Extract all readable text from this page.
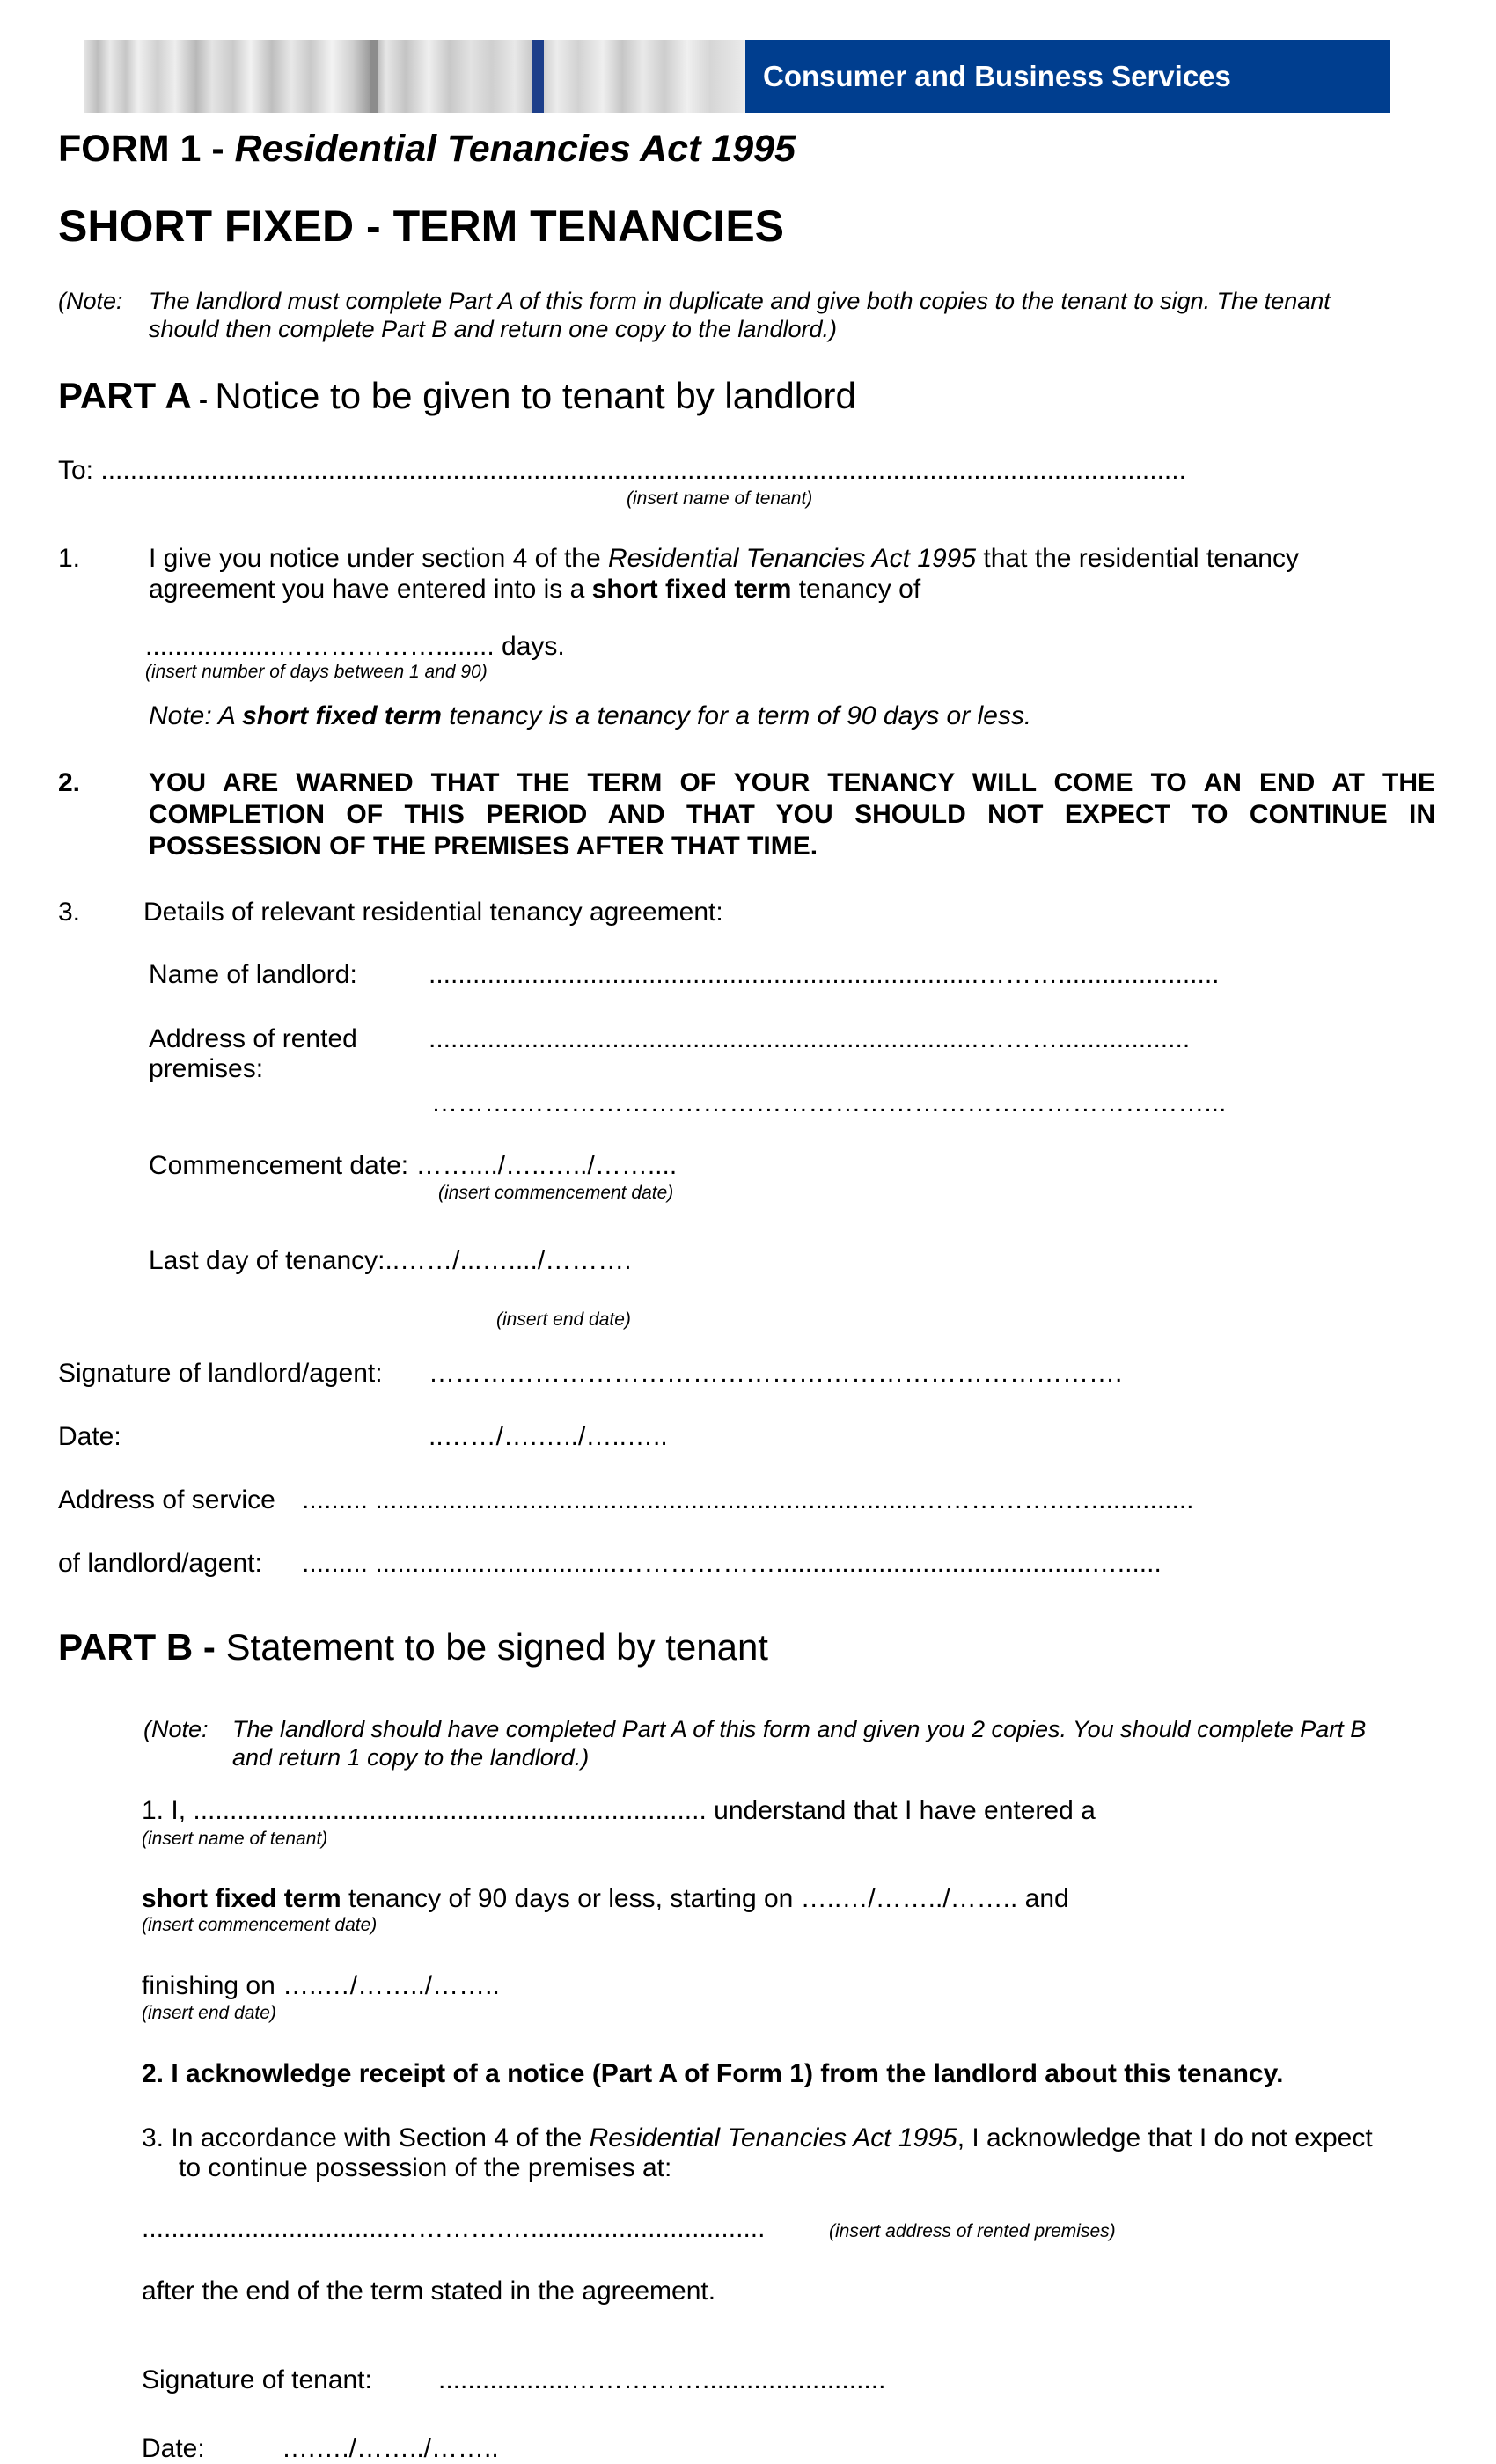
Consumer and Business Services
FORM 1 - Residential Tenancies Act 1995
SHORT FIXED - TERM TENANCIES
(Note: The landlord must complete Part A of this form in duplicate and give both copies to the tenant to sign. The tenant
should then complete Part B and return one copy to the landlord.)
PART A - Notice to be given to tenant by landlord
To: ....................................................................................................................................................
(insert name of tenant)
1.	I give you notice under section 4 of the Residential Tenancies Act 1995 that the residential tenancy
agreement you have entered into is a short fixed term tenancy of
..................………………........ days.
(insert number of days between 1 and 90)
Note: A short fixed term tenancy is a tenancy for a term of 90 days or less.
2.	YOU ARE WARNED THAT THE TERM OF YOUR TENANCY WILL COME TO AN END AT THE COMPLETION OF THIS PERIOD AND THAT YOU SHOULD NOT EXPECT TO CONTINUE IN POSSESSION OF THE PREMISES AFTER THAT TIME.
3. Details of relevant residential tenancy agreement:
Name of landlord:	...........................................................................………......................
Address of rented
premises:
...........................................................................………..................
……….……………………………………………………………………...
Commencement date: ……..../…..…../……....
(insert commencement date)
Last day of tenancy:..……/...…..../……….
(insert end date)
Signature of landlord/agent: …………………………………………………………………….
Date:	..……/….…../…..…..
Address of service ......... ..........................................................................……………..…..............
of landlord/agent: ......... .................................………………...........................................…......
PART B - Statement to be signed by tenant
(Note: The landlord should have completed Part A of this form and given you 2 copies. You should complete Part B
and return 1 copy to the landlord.)
1. I, ...................................................................... understand that I have entered a
(insert name of tenant)
short fixed term tenancy of 90 days or less, starting on …..…/……../…….. and
(insert commencement date)
finishing on …..…/……../……..
(insert end date)
2. I acknowledge receipt of a notice (Part A of Form 1) from the landlord about this tenancy.
3. In accordance with Section 4 of the Residential Tenancies Act 1995, I acknowledge that I do not expect
to continue possession of the premises at:
..................................………….…................................	(insert address of rented premises)
after the end of the term stated in the agreement.
Signature of tenant:	..................…………….........................
Date:	….…./……../……..
